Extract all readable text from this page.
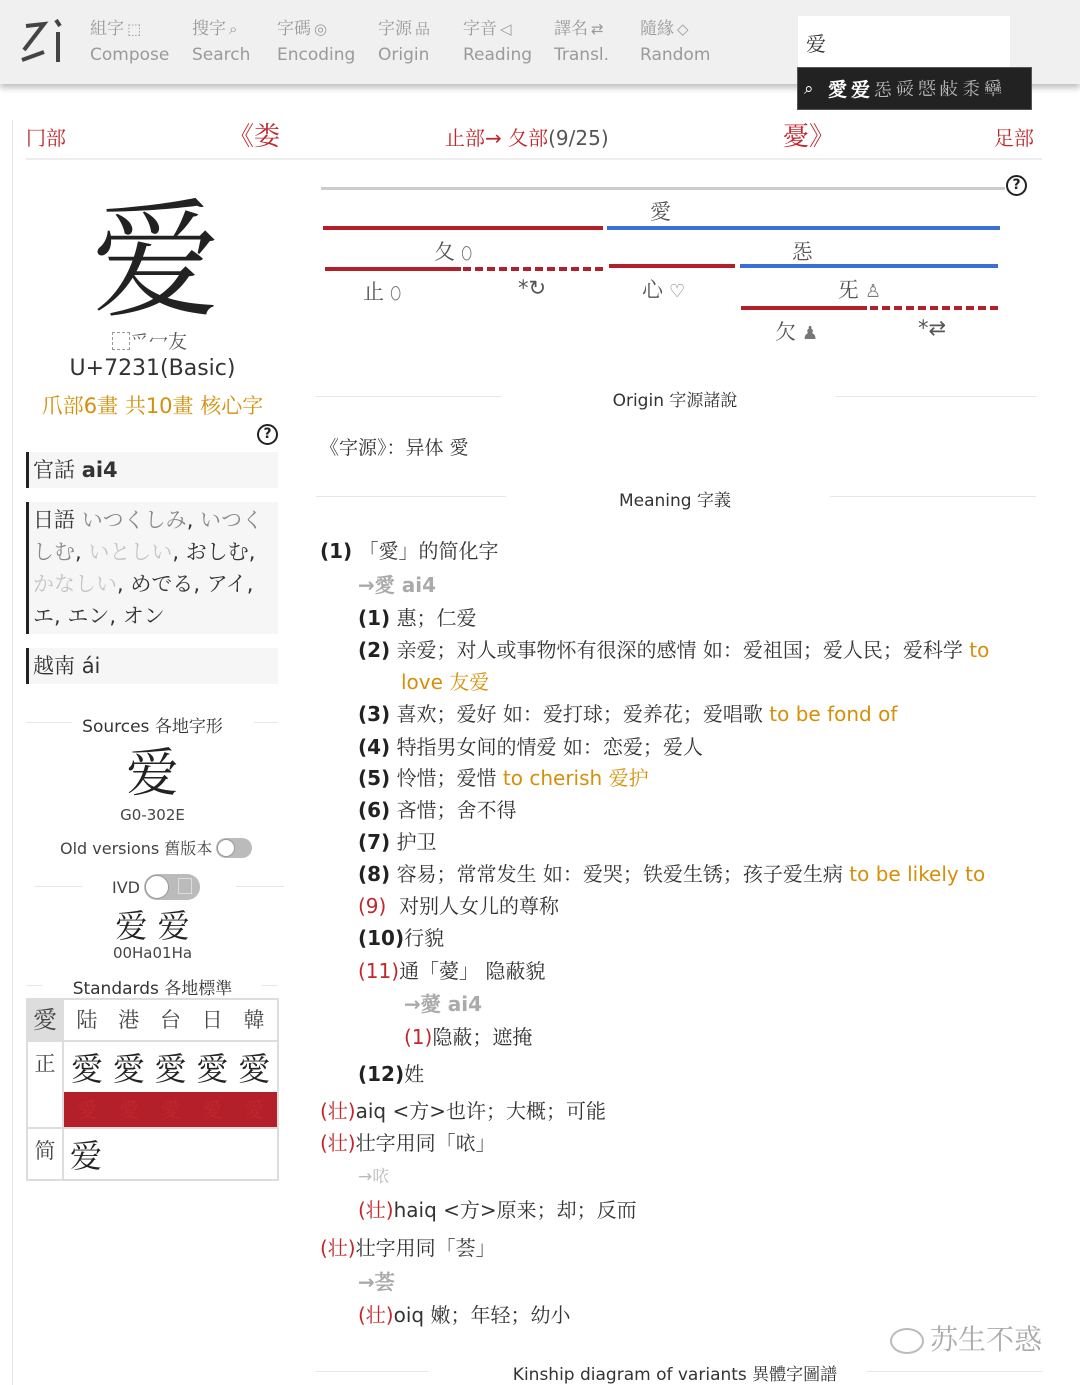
組字 ⬚
Compose
搜字 ⌕
Search
字碼 ◎
Encoding
字源 品
Origin
字音 ◁
Reading
譯名 ⇄
Transl.
隨緣 ◇
Random
爱
⌕ 愛 爱 㤅 𤔠 𢟪 𢾃 𥝸 𤕍
冂部	《娄	止部→ 夂部(9/25)	憂》	足部
爱
爫冖友
U+7231(Basic)
爪部6畫 共10畫 核心字
?
官話 ai4
日語 いつくしみ, いつくしむ, いとしい, おしむ, かなしい, めでる, アイ, エ, エン, オン
越南 ái
Sources 各地字形
爱
G0-302E
Old versions 舊版本
IVD
爱 爱
00Ha01Ha
Standards 各地標準
愛	陆 港 台 日 韓

正	愛 愛 愛 愛 愛
愛 愛 愛 愛 愛

简	爱
?
愛
夂 ⬯	㤅
止 ⬯	*↻	心 ♡	旡 ♙
欠 ♟	*⇄
Origin 字源諸說
《字源》：异体 愛
Meaning 字義
(1) 「愛」的简化字
→愛 ai4
(1) 惠；仁爱
(2) 亲爱；对人或事物怀有很深的感情 如：爱祖国；爱人民；爱科学 to
love 友爱
(3) 喜欢；爱好 如：爱打球；爱养花；爱唱歌 to be fond of
(4) 特指男女间的情爱 如：恋爱；爱人
(5) 怜惜；爱惜 to cherish 爱护
(6) 吝惜；舍不得
(7) 护卫
(8) 容易；常常发生 如：爱哭；铁爱生锈；孩子爱生病 to be likely to
(9) 对别人女儿的尊称
(10)行貌
(11)通「薆」 隐蔽貌
→薆 ai4
(1)隐蔽；遮掩
(12)姓
(壮)aiq <方>也许；大概；可能
(壮)壮字用同「𠲖」
→𠲖
(壮)haiq <方>原来；却；反而
(壮)壮字用同「荟」
→荟
(壮)oiq 嫩；年轻；幼小
Kinship diagram of variants 異體字圖譜
苏生不惑
